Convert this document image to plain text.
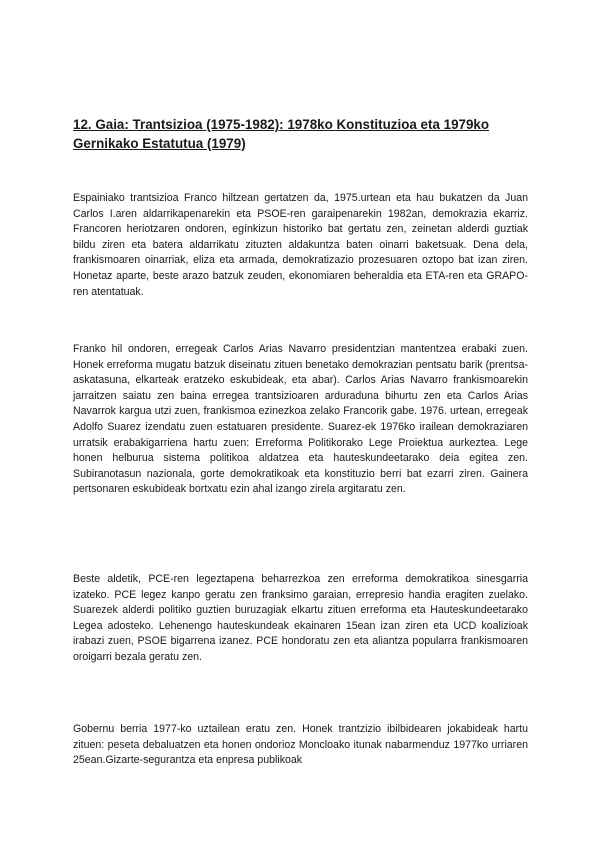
12. Gaia: Trantsizioa (1975-1982): 1978ko Konstituzioa eta 1979ko Gernikako Estatutua (1979)

Espainiako trantsizioa Franco hiltzean gertatzen da, 1975.urtean eta hau bukatzen da Juan Carlos I.aren aldarrikapenarekin eta PSOE-ren garaipenarekin 1982an, demokrazia ekarriz. Francoren heriotzaren ondoren, egínkizun historiko bat gertatu zen, zeinetan alderdi guztiak bildu ziren eta batera aldarrikatu zituzten aldakuntza baten oinarri baketsuak. Dena dela, frankismoaren oinarriak, eliza eta armada, demokratizazio prozesuaren oztopo bat izan ziren. Honetaz aparte, beste arazo batzuk zeuden, ekonomiaren beheraldia eta ETA-ren eta GRAPO-ren atentatuak.

Franko hil ondoren, erregeak Carlos Arias Navarro presidentzian mantentzea erabaki zuen. Honek erreforma mugatu batzuk diseinatu zituen benetako demokrazian pentsatu barik (prentsa-askatasuna, elkarteak eratzeko eskubideak, eta abar). Carlos Arias Navarro frankismoarekin jarraitzen saiatu zen baina erregea trantsizioaren arduraduna bihurtu zen eta Carlos Arias Navarrok kargua utzi zuen, frankismoa ezinezkoa zelako Francorik gabe. 1976. urtean, erregeak Adolfo Suarez izendatu zuen estatuaren presidente. Suarez-ek 1976ko irailean demokraziaren urratsik erabakigarriena hartu zuen: Erreforma Politikorako Lege Proiektua aurkeztea. Lege honen helburua sistema politikoa aldatzea eta hauteskundeetarako deia egitea zen. Subiranotasun nazionala, gorte demokratikoak eta konstituzio berri bat ezarri ziren. Gainera pertsonaren eskubideak bortxatu ezin ahal izango zirela argitaratu zen.

Beste aldetik, PCE-ren legeztapena beharrezkoa zen erreforma demokratikoa sinesgarria izateko. PCE legez kanpo geratu zen franksimo garaian, errepresio handia eragiten zuelako. Suarezek alderdi politiko guztien buruzagiak elkartu zituen erreforma eta Hauteskundeetarako Legea adosteko. Lehenengo hauteskundeak ekainaren 15ean izan ziren eta UCD koalizioak irabazi zuen, PSOE bigarrena izanez. PCE hondoratu zen eta aliantza popularra frankismoaren oroigarri bezala geratu zen.

Gobernu berria 1977-ko uztailean eratu zen. Honek trantzizio ibilbidearen jokabideak hartu zituen: peseta debaluatzen eta honen ondorioz Moncloako itunak nabarmenduz 1977ko urriaren 25ean.Gizarte-segurantza eta enpresa publikoak
